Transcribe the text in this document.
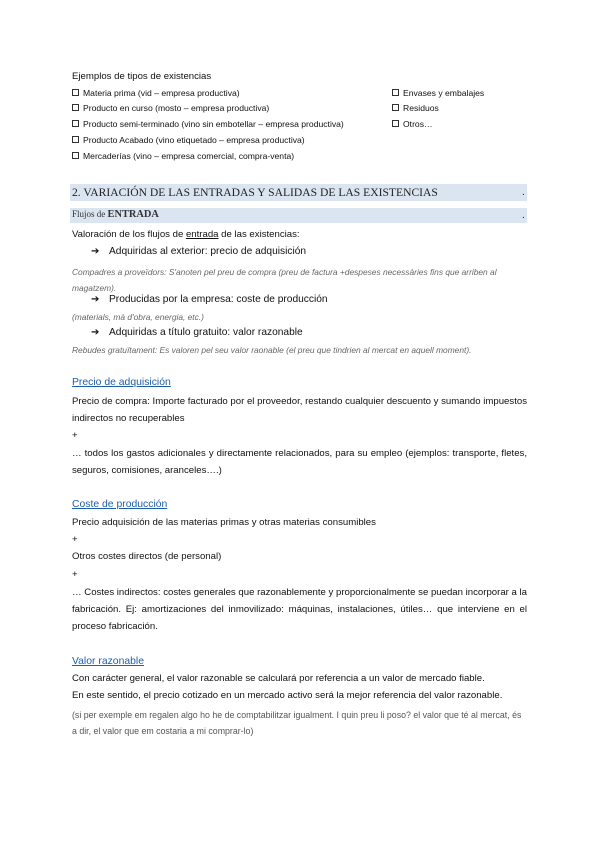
Ejemplos de tipos de existencias
Materia prima (vid – empresa productiva)
Producto en curso (mosto – empresa productiva)
Producto semi-terminado (vino sin embotellar – empresa productiva)
Producto Acabado (vino etiquetado – empresa productiva)
Mercaderías (vino – empresa comercial, compra-venta)
Envases y embalajes
Residuos
Otros…
2. VARIACIÓN DE LAS ENTRADAS Y SALIDAS DE LAS EXISTENCIAS	.
Flujos de ENTRADA	.
Valoración de los flujos de entrada de las existencias:
➔ Adquiridas al exterior: precio de adquisición
Compadres a proveïdors: S'anoten pel preu de compra (preu de factura +despeses necessàries fins que arriben al magatzem).
➔ Producidas por la empresa: coste de producción
(materials, mà d'obra, energia, etc.)
➔ Adquiridas a título gratuito: valor razonable
Rebudes gratuïtament: Es valoren pel seu valor raonable (el preu que tindrien al mercat en aquell moment).
Precio de adquisición
Precio de compra: Importe facturado por el proveedor, restando cualquier descuento y sumando impuestos indirectos no recuperables
+
… todos los gastos adicionales y directamente relacionados, para su empleo (ejemplos: transporte, fletes, seguros, comisiones, aranceles….)
Coste de producción
Precio adquisición de las materias primas y otras materias consumibles
+
Otros costes directos (de personal)
+
… Costes indirectos: costes generales que razonablemente y proporcionalmente se puedan incorporar a la fabricación. Ej: amortizaciones del inmovilizado: máquinas, instalaciones, útiles… que interviene en el proceso fabricación.
Valor razonable
Con carácter general, el valor razonable se calculará por referencia a un valor de mercado fiable.
En este sentido, el precio cotizado en un mercado activo será la mejor referencia del valor razonable.
(si per exemple em regalen algo ho he de comptabilitzar igualment. I quin preu li poso? el valor que té al mercat, és a dir, el valor que em costaria a mi comprar-lo)
